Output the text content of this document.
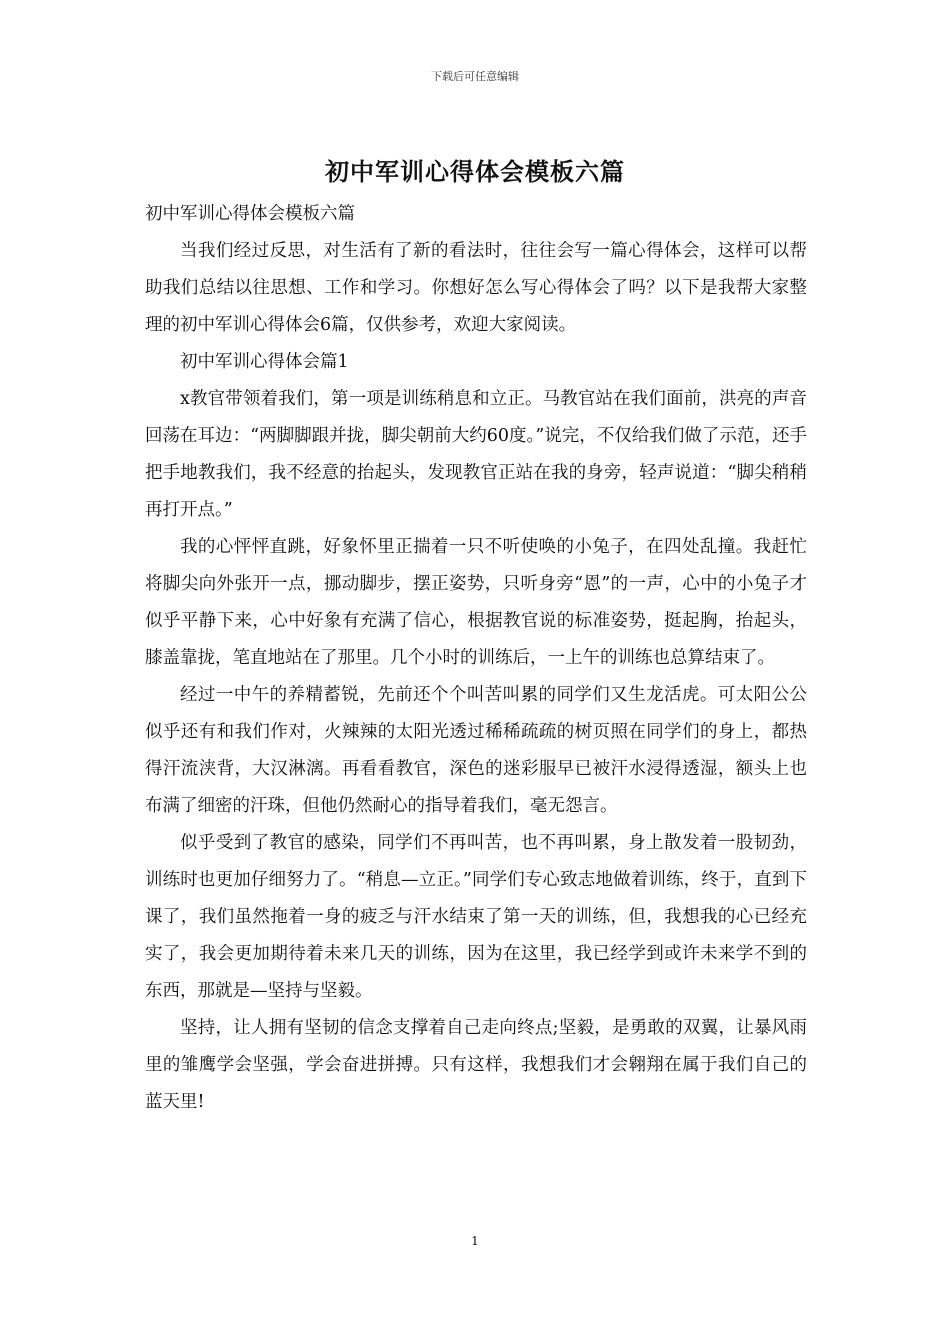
下载后可任意编辑
初中军训心得体会模板六篇

初中军训心得体会模板六篇

当我们经过反思，对生活有了新的看法时，往往会写一篇心得体会，这样可以帮助我们总结以往思想、工作和学习。你想好怎么写心得体会了吗？以下是我帮大家整理的初中军训心得体会6篇，仅供参考，欢迎大家阅读。

初中军训心得体会篇1

x教官带领着我们，第一项是训练稍息和立正。马教官站在我们面前，洪亮的声音回荡在耳边：“两脚脚跟并拢，脚尖朝前大约60度。”说完，不仅给我们做了示范，还手把手地教我们，我不经意的抬起头，发现教官正站在我的身旁，轻声说道：“脚尖稍稍再打开点。”

我的心怦怦直跳，好象怀里正揣着一只不听使唤的小兔子，在四处乱撞。我赶忙将脚尖向外张开一点，挪动脚步，摆正姿势，只听身旁“恩”的一声，心中的小兔子才似乎平静下来，心中好象有充满了信心，根据教官说的标准姿势，挺起胸，抬起头，膝盖靠拢，笔直地站在了那里。几个小时的训练后，一上午的训练也总算结束了。

经过一中午的养精蓄锐，先前还个个叫苦叫累的同学们又生龙活虎。可太阳公公似乎还有和我们作对，火辣辣的太阳光透过稀稀疏疏的树页照在同学们的身上，都热得汗流浃背，大汉淋漓。再看看教官，深色的迷彩服早已被汗水浸得透湿，额头上也布满了细密的汗珠，但他仍然耐心的指导着我们，毫无怨言。

似乎受到了教官的感染，同学们不再叫苦，也不再叫累，身上散发着一股韧劲，训练时也更加仔细努力了。“稍息—立正。”同学们专心致志地做着训练，终于，直到下课了，我们虽然拖着一身的疲乏与汗水结束了第一天的训练，但，我想我的心已经充实了，我会更加期待着未来几天的训练，因为在这里，我已经学到或许未来学不到的东西，那就是—坚持与坚毅。

坚持，让人拥有坚韧的信念支撑着自己走向终点;坚毅，是勇敢的双翼，让暴风雨里的雏鹰学会坚强，学会奋进拼搏。只有这样，我想我们才会翱翔在属于我们自己的蓝天里!

1
